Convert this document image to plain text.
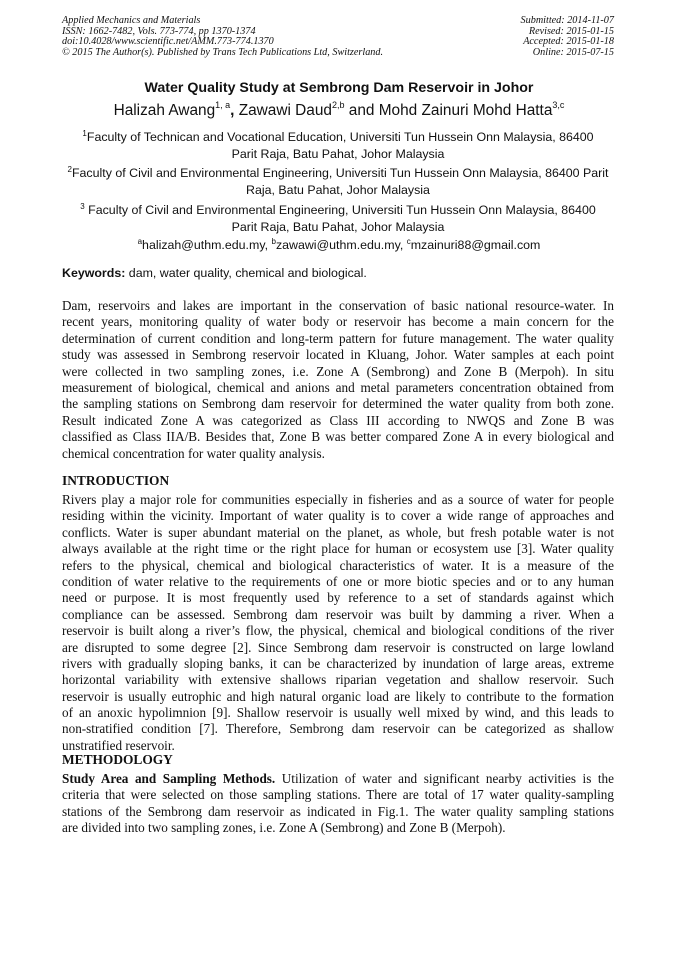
Applied Mechanics and Materials
ISSN: 1662-7482, Vols. 773-774, pp 1370-1374
doi:10.4028/www.scientific.net/AMM.773-774.1370
© 2015 The Author(s). Published by Trans Tech Publications Ltd, Switzerland.
Submitted: 2014-11-07
Revised: 2015-01-15
Accepted: 2015-01-18
Online: 2015-07-15
Water Quality Study at Sembrong Dam Reservoir in Johor
Halizah Awang$^{1, a}$, Zawawi Daud$^{2,b}$ and Mohd Zainuri Mohd Hatta$^{3,c}$
$^1$Faculty of Technican and Vocational Education, Universiti Tun Hussein Onn Malaysia, 86400
Parit Raja, Batu Pahat, Johor Malaysia
$^2$Faculty of Civil and Environmental Engineering, Universiti Tun Hussein Onn Malaysia, 86400 Parit
Raja, Batu Pahat, Johor Malaysia
$^3$ Faculty of Civil and Environmental Engineering, Universiti Tun Hussein Onn Malaysia, 86400
Parit Raja, Batu Pahat, Johor Malaysia
$^a$halizah@uthm.edu.my, $^b$zawawi@uthm.edu.my, $^c$mzainuri88@gmail.com
Keywords: dam, water quality, chemical and biological.
Dam, reservoirs and lakes are important in the conservation of basic national resource-water. In
recent years, monitoring quality of water body or reservoir has become a main concern for the
determination of current condition and long-term pattern for future management. The water quality
study was assessed in Sembrong reservoir located in Kluang, Johor. Water samples at each point
were collected in two sampling zones, i.e. Zone A (Sembrong) and Zone B (Merpoh). In situ
measurement of biological, chemical and anions and metal parameters concentration obtained from
the sampling stations on Sembrong dam reservoir for determined the water quality from both zone.
Result indicated Zone A was categorized as Class III according to NWQS and Zone B was
classified as Class IIA/B. Besides that, Zone B was better compared Zone A in every biological and
chemical concentration for water quality analysis.
INTRODUCTION
Rivers play a major role for communities especially in fisheries and as a source of water for people
residing within the vicinity. Important of water quality is to cover a wide range of approaches and
conflicts. Water is super abundant material on the planet, as whole, but fresh potable water is not
always available at the right time or the right place for human or ecosystem use [3]. Water quality
refers to the physical, chemical and biological characteristics of water. It is a measure of the
condition of water relative to the requirements of one or more biotic species and or to any human
need or purpose. It is most frequently used by reference to a set of standards against which
compliance can be assessed. Sembrong dam reservoir was built by damming a river. When a
reservoir is built along a river’s flow, the physical, chemical and biological conditions of the river
are disrupted to some degree [2]. Since Sembrong dam reservoir is constructed on large lowland
rivers with gradually sloping banks, it can be characterized by inundation of large areas, extreme
horizontal variability with extensive shallows riparian vegetation and shallow reservoir. Such
reservoir is usually eutrophic and high natural organic load are likely to contribute to the formation
of an anoxic hypolimnion [9]. Shallow reservoir is usually well mixed by wind, and this leads to
non-stratified condition [7]. Therefore, Sembrong dam reservoir can be categorized as shallow
unstratified reservoir.
METHODOLOGY
Study Area and Sampling Methods. Utilization of water and significant nearby activities is the
criteria that were selected on those sampling stations. There are total of 17 water quality-sampling
stations of the Sembrong dam reservoir as indicated in Fig.1. The water quality sampling stations
are divided into two sampling zones, i.e. Zone A (Sembrong) and Zone B (Merpoh).
